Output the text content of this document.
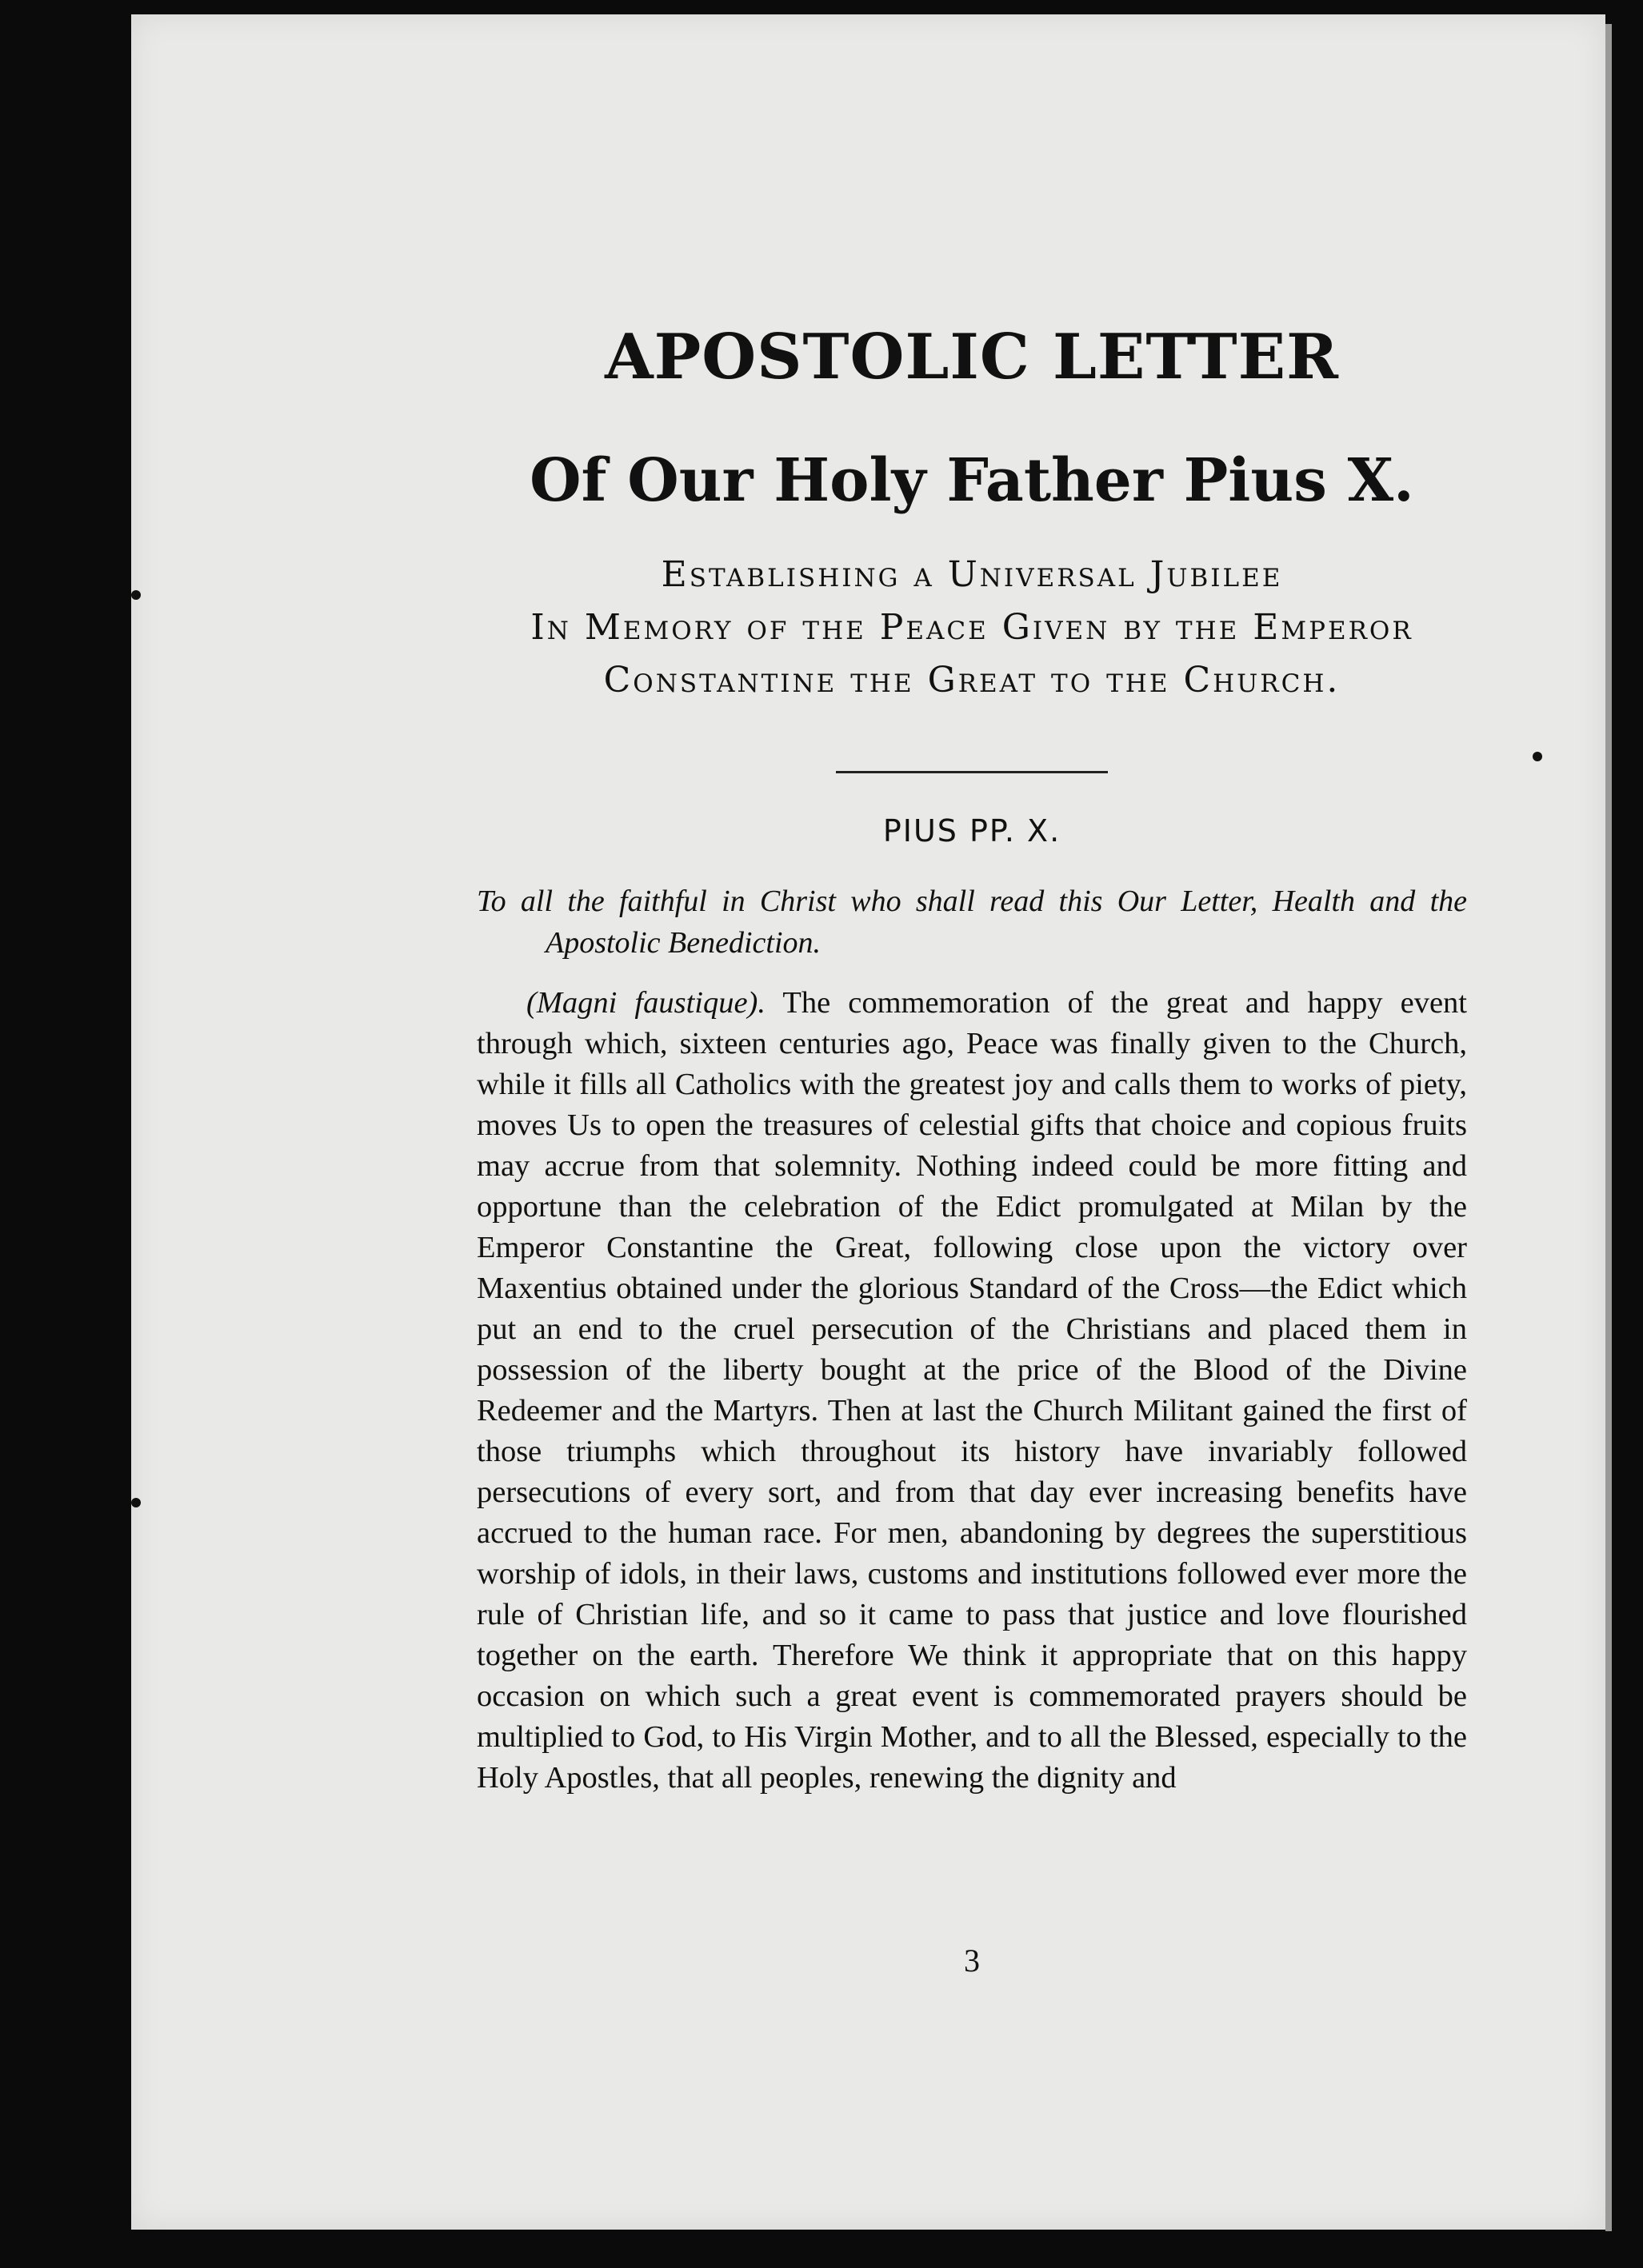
APOSTOLIC LETTER
Of Our Holy Father Pius X.

Establishing a Universal Jubilee

In Memory of the Peace Given by the Emperor

Constantine the Great to the Church.

PIUS PP. X.

To all the faithful in Christ who shall read this Our Letter, Health and the Apostolic Benediction.

(Magni faustique). The commemoration of the great and happy event through which, sixteen centuries ago, Peace was finally given to the Church, while it fills all Catholics with the greatest joy and calls them to works of piety, moves Us to open the treasures of celestial gifts that choice and copious fruits may accrue from that solemnity. Nothing indeed could be more fitting and opportune than the celebration of the Edict promulgated at Milan by the Emperor Constantine the Great, following close upon the victory over Maxentius obtained under the glorious Standard of the Cross—the Edict which put an end to the cruel persecution of the Christians and placed them in possession of the liberty bought at the price of the Blood of the Divine Redeemer and the Martyrs. Then at last the Church Militant gained the first of those triumphs which throughout its history have invariably followed persecutions of every sort, and from that day ever increasing benefits have accrued to the human race. For men, abandoning by degrees the superstitious worship of idols, in their laws, customs and institutions followed ever more the rule of Christian life, and so it came to pass that justice and love flourished together on the earth. Therefore We think it appropriate that on this happy occasion on which such a great event is commemorated prayers should be multiplied to God, to His Virgin Mother, and to all the Blessed, especially to the Holy Apostles, that all peoples, renewing the dignity and

3
